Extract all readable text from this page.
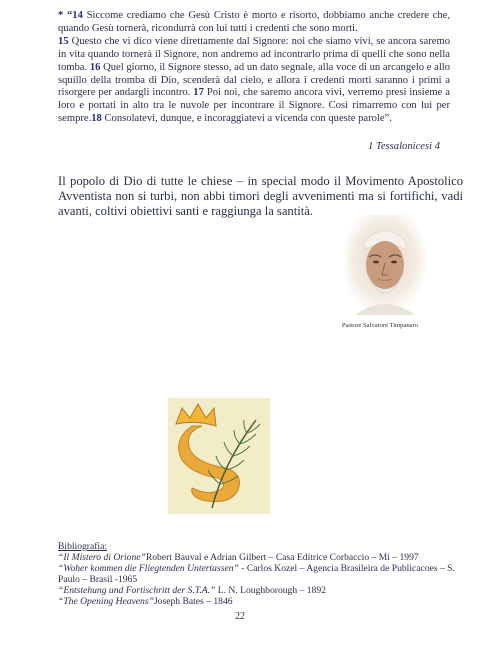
* “14 Siccome crediamo che Gesù Cristo è morto e risorto, dobbiamo anche credere che, quando Gesù tornerà, ricondurrà con lui tutti i credenti che sono morti.
15 Questo che vi dico viene direttamente dal Signore: noi che siamo vivi, se ancora saremo in vita quando tornerà il Signore, non andremo ad incontrarlo prima di quelli che sono nella tomba. 16 Quel giorno, il Signore stesso, ad un dato segnale, alla voce di un arcangelo e allo squillo della tromba di Dio, scenderà dal cielo, e allora i credenti morti saranno i primi a risorgere per andargli incontro. 17 Poi noi, che saremo ancora vivi, verremo presi insieme a loro e portati in alto tra le nuvole per incontrare il Signore. Così rimarremo con lui per sempre.18 Consolatevi, dunque, e incoraggiatevi a vicenda con queste parole”.

1 Tessalonicesi 4

Il popolo di Dio di tutte le chiese – in special modo il Movimento Apostolico Avventista non si turbi, non abbi timori degli avvenimenti ma si fortifichi, vadi avanti, coltivi obiettivi santi e raggiunga la santità.

Pastore Salvatore Timpanaro

Bibliografia:

“Il Mistero di Orione”Robert Bauval e Adrian Gilbert – Casa Editrice Corbaccio – Mi – 1997

“Woher kommen die Fliegtenden Untertassen” - Carlos Kozel – Agencia Brasileira de Publicacoes – S. Paulo – Brasil -1965

“Entstehung und Fortischritt der S.T.A.” L. N. Loughborough – 1892

“The Opening Heavens”Joseph Bates – 1846

22
